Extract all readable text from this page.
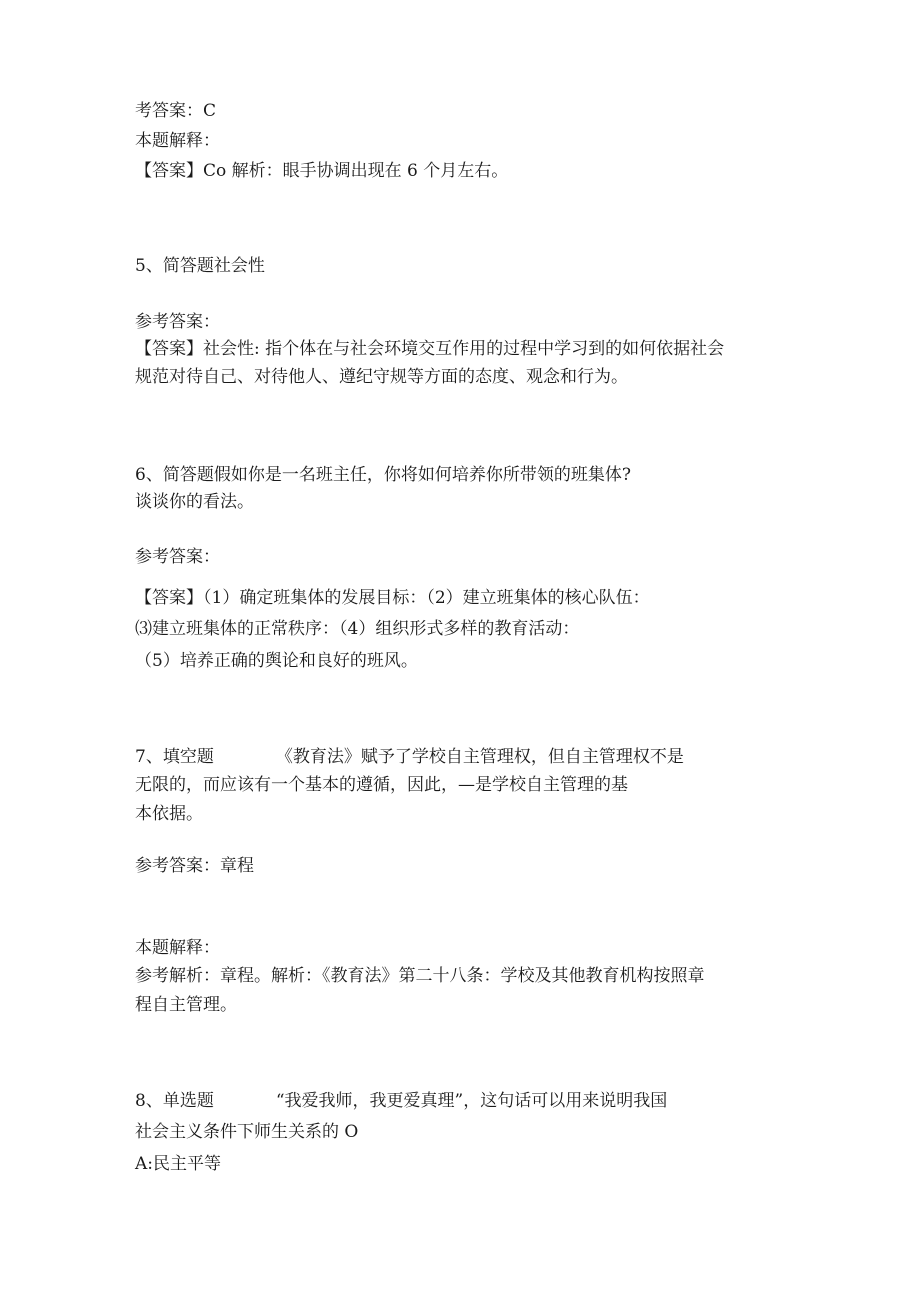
考答案：C
本题解释：
【答案】Co 解析：眼手协调出现在 6 个月左右。
5、简答题社会性
参考答案：
【答案】社会性: 指个体在与社会环境交互作用的过程中学习到的如何依据社会
规范对待自己、对待他人、遵纪守规等方面的态度、观念和行为。
6、简答题假如你是一名班主任，你将如何培养你所带领的班集体?
谈谈你的看法。
参考答案：
【答案】（1）确定班集体的发展目标：（2）建立班集体的核心队伍：
⑶建立班集体的正常秩序：（4）组织形式多样的教育活动：
（5）培养正确的舆论和良好的班风。
7、填空题	《教育法》赋予了学校自主管理权，但自主管理权不是
无限的，而应该有一个基本的遵循，因此，—是学校自主管理的基
本依据。
参考答案：章程
本题解释：
参考解析：章程。解析：《教育法》第二十八条：学校及其他教育机构按照章
程自主管理。
8、单选题	“我爱我师，我更爱真理”，这句话可以用来说明我国
社会主义条件下师生关系的 O
A:民主平等
